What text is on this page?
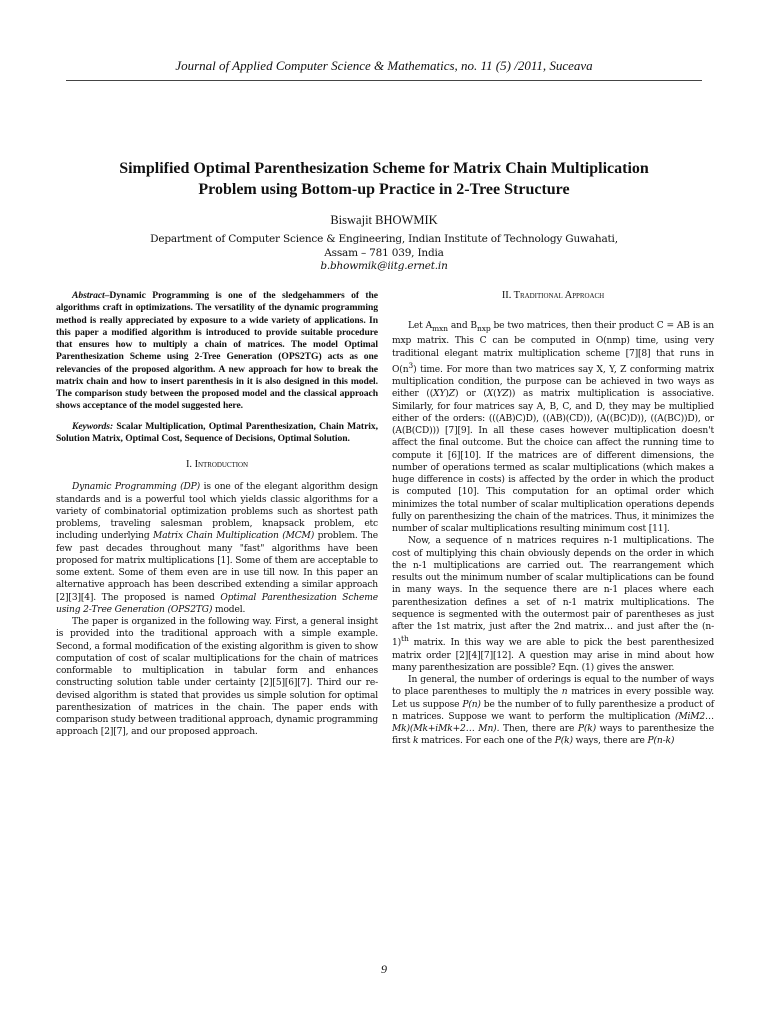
Journal of Applied Computer Science & Mathematics, no. 11 (5) /2011, Suceava
Simplified Optimal Parenthesization Scheme for Matrix Chain Multiplication
Problem using Bottom-up Practice in 2-Tree Structure
Biswajit BHOWMIK
Department of Computer Science & Engineering, Indian Institute of Technology Guwahati,
Assam – 781 039, India
b.bhowmik@iitg.ernet.in

Abstract–Dynamic Programming is one of the sledgehammers of the algorithms craft in optimizations. The versatility of the dynamic programming method is really appreciated by exposure to a wide variety of applications. In this paper a modified algorithm is introduced to provide suitable procedure that ensures how to multiply a chain of matrices. The model Optimal Parenthesization Scheme using 2-Tree Generation (OPS2TG) acts as one relevancies of the proposed algorithm. A new approach for how to break the matrix chain and how to insert parenthesis in it is also designed in this model. The comparison study between the proposed model and the classical approach shows acceptance of the model suggested here.

Keywords: Scalar Multiplication, Optimal Parenthesization, Chain Matrix, Solution Matrix, Optimal Cost, Sequence of Decisions, Optimal Solution.

I. Introduction

Dynamic Programming (DP) is one of the elegant algorithm design standards and is a powerful tool which yields classic algorithms for a variety of combinatorial optimization problems such as shortest path problems, traveling salesman problem, knapsack problem, etc including underlying Matrix Chain Multiplication (MCM) problem. The few past decades throughout many "fast" algorithms have been proposed for matrix multiplications [1]. Some of them are acceptable to some extent. Some of them even are in use till now. In this paper an alternative approach has been described extending a similar approach [2][3][4]. The proposed is named Optimal Parenthesization Scheme using 2-Tree Generation (OPS2TG) model.

The paper is organized in the following way. First, a general insight is provided into the traditional approach with a simple example. Second, a formal modification of the existing algorithm is given to show computation of cost of scalar multiplications for the chain of matrices conformable to multiplication in tabular form and enhances constructing solution table under certainty [2][5][6][7]. Third our re-devised algorithm is stated that provides us simple solution for optimal parenthesization of matrices in the chain. The paper ends with comparison study between traditional approach, dynamic programming approach [2][7], and our proposed approach.

II. Traditional Approach

Let $A_{mxn}$ and $B_{nxp}$ be two matrices, then their product C = AB is an mxp matrix. This C can be computed in O(nmp) time, using very traditional elegant matrix multiplication scheme [7][8] that runs in $O(n^3)$ time. For more than two matrices say X, Y, Z conforming matrix multiplication condition, the purpose can be achieved in two ways as either ((XY)Z) or (X(YZ)) as matrix multiplication is associative. Similarly, for four matrices say A, B, C, and D, they may be multiplied either of the orders: (((AB)C)D), ((AB)(CD)), (A((BC)D)), ((A(BC))D), or (A(B(CD))) [7][9]. In all these cases however multiplication doesn't affect the final outcome. But the choice can affect the running time to compute it [6][10]. If the matrices are of different dimensions, the number of operations termed as scalar multiplications (which makes a huge difference in costs) is affected by the order in which the product is computed [10]. This computation for an optimal order which minimizes the total number of scalar multiplication operations depends fully on parenthesizing the chain of the matrices. Thus, it minimizes the number of scalar multiplications resulting minimum cost [11].

Now, a sequence of n matrices requires n-1 multiplications. The cost of multiplying this chain obviously depends on the order in which the n-1 multiplications are carried out. The rearrangement which results out the minimum number of scalar multiplications can be found in many ways. In the sequence there are n-1 places where each parenthesization defines a set of n-1 matrix multiplications. The sequence is segmented with the outermost pair of parentheses as just after the 1st matrix, just after the 2nd matrix… and just after the $(n-1)^{th}$ matrix. In this way we are able to pick the best parenthesized matrix order [2][4][7][12]. A question may arise in mind about how many parenthesization are possible? Eqn. (1) gives the answer.

In general, the number of orderings is equal to the number of ways to place parentheses to multiply the n matrices in every possible way. Let us suppose P(n) be the number of to fully parenthesize a product of n matrices. Suppose we want to perform the multiplication (MiM2…Mk)(Mk+iMk+2… Mn). Then, there are P(k) ways to parenthesize the first k matrices. For each one of the P(k) ways, there are P(n-k)

9
